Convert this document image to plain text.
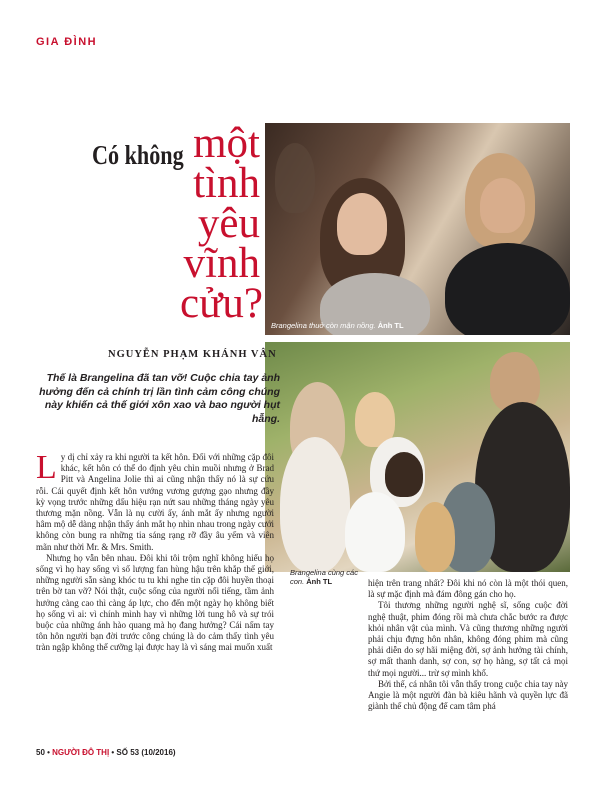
GIA ĐÌNH
Có không một
tình
yêu
vĩnh
cửu? Brangelina thuở còn mặn nồng. Ảnh TL
Brangelina cùng các con. Ảnh TL
NGUYỄN PHẠM KHÁNH VÂN
Thế là Brangelina đã tan vỡ! Cuộc chia tay ảnh hưởng đến cả chính trị lần tình cảm công chúng này khiến cả thế giới xôn xao và bao người hụt hẫng.

Ly dị chỉ xảy ra khi người ta kết hôn. Đối với những cặp đôi khác, kết hôn có thể do định yêu chìn muồi nhưng ở Brad Pitt và Angelina Jolie thì ai cũng nhận thấy nó là sự cứu rỗi. Cái quyết định kết hôn vướng vương gượng gạo nhưng đầy kỳ vọng trước những dấu hiệu rạn nứt sau những tháng ngày yêu thương mặn nồng. Vẫn là nụ cười ấy, ánh mắt ấy nhưng người hâm mộ dễ dàng nhận thấy ánh mắt họ nhìn nhau trong ngày cưới không còn bung ra những tia sáng rạng rỡ đầy âu yếm và viên mãn như thời Mr. & Mrs. Smith.

Nhưng họ vẫn bên nhau. Đôi khi tôi trộm nghĩ không hiểu họ sống vì họ hay sống vì số lượng fan hùng hậu trên khắp thế giới, những người sẵn sàng khóc tu tu khi nghe tin cặp đôi huyền thoại trên bờ tan vỡ? Nói thật, cuộc sống của người nổi tiếng, tầm ảnh hưởng càng cao thì càng áp lực, cho đến một ngày họ không biết họ sống vì ai: vì chính mình hay vì những lời tung hô và sự trói buộc của những ánh hào quang mà họ đang hưởng? Cái nấm tay tôn hôn người bạn đời trước công chúng là do cảm thấy tình yêu tràn ngập không thể cưỡng lại được hay là vì sáng mai muốn xuất

hiện trên trang nhất? Đôi khi nó còn là một thói quen, là sự mặc định mà đám đông gán cho họ.

Tôi thương những người nghệ sĩ, sống cuộc đời nghệ thuật, phim đóng rồi mà chưa chắc bước ra được khỏi nhân vật của mình. Và cũng thương những người phải chịu đựng hôn nhân, không đóng phim mà cũng phải diễn do sợ hãi miệng đời, sợ ảnh hưởng tài chính, sợ mất thanh danh, sợ con, sợ họ hàng, sợ tất cả mọi thứ mọi người... trừ sợ mình khổ.

Bởi thế, cá nhân tôi vẫn thấy trong cuộc chia tay này Angie là một người đàn bà kiêu hãnh và quyền lực đã giành thế chủ động để cam tâm phá

50 • NGƯỜI ĐÔ THỊ • SỐ 53 (10/2016)
